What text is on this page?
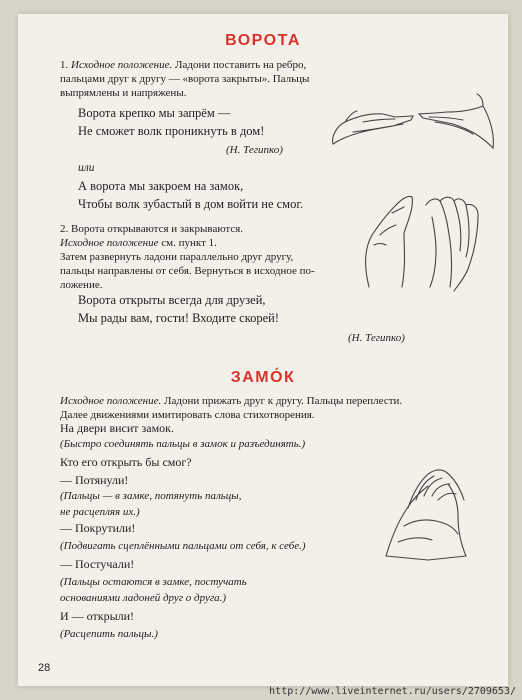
ВОРОТА
1. Исходное положение. Ладони поставить на ребро,
пальцами друг к другу — «ворота закрыты». Пальцы
выпрямлены и напряжены.
Ворота крепко мы запрём —
Не сможет волк проникнуть в дом!
(Н. Тегипко)
или
А ворота мы закроем на замок,
Чтобы волк зубастый в дом войти не смог.
2. Ворота открываются и закрываются.
Исходное положение см. пункт 1.
Затем развернуть ладони параллельно друг другу,
пальцы направлены от себя. Вернуться в исходное по-
ложение.
Ворота открыты всегда для друзей,
Мы рады вам, гости! Входите скорей!
(Н. Тегипко)
ЗАМО́К
Исходное положение. Ладони прижать друг к другу. Пальцы переплести.
Далее движениями имитировать слова стихотворения.
На двери висит замок.
(Быстро соединять пальцы в замок и разъединять.)
Кто его открыть бы смог?
— Потянули!
(Пальцы — в замке, потянуть пальцы,
не расцепляя их.)
— Покрутили!
(Подвигать сцеплёнными пальцами от себя, к себе.)
— Постучали!
(Пальцы остаются в замке, постучать
основаниями ладоней друг о друга.)
И — открыли!
(Расцепить пальцы.)
28
http://www.liveinternet.ru/users/2709653/
